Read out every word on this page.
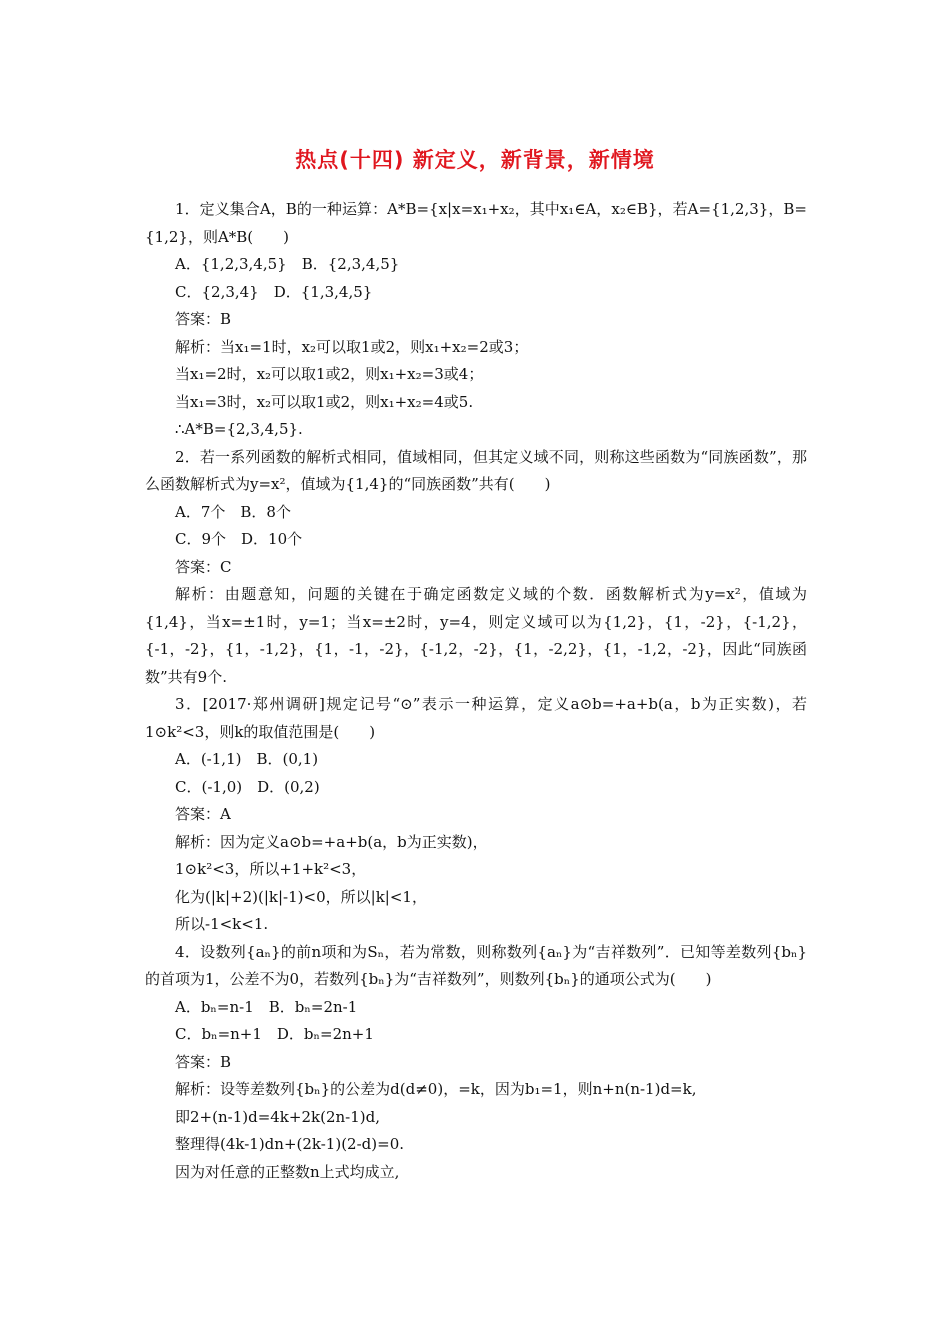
热点(十四) 新定义，新背景，新情境

1．定义集合A，B的一种运算：A*B={x|x=x₁+x₂，其中x₁∈A，x₂∈B}，若A={1,2,3}，B={1,2}，则A*B(　　)

A．{1,2,3,4,5}　B．{2,3,4,5}

C．{2,3,4}　D．{1,3,4,5}

答案：B

解析：当x₁=1时，x₂可以取1或2，则x₁+x₂=2或3；

当x₁=2时，x₂可以取1或2，则x₁+x₂=3或4；

当x₁=3时，x₂可以取1或2，则x₁+x₂=4或5.

∴A*B={2,3,4,5}.

2．若一系列函数的解析式相同，值域相同，但其定义域不同，则称这些函数为“同族函数”，那么函数解析式为y=x²，值域为{1,4}的“同族函数”共有(　　)

A．7个　B．8个

C．9个　D．10个

答案：C

解析：由题意知，问题的关键在于确定函数定义域的个数．函数解析式为y=x²，值域为{1,4}，当x=±1时，y=1；当x=±2时，y=4，则定义域可以为{1,2}，{1，-2}，{-1,2}，{-1，-2}，{1，-1,2}，{1，-1，-2}，{-1,2，-2}，{1，-2,2}，{1，-1,2，-2}，因此“同族函数”共有9个.

3．[2017·郑州调研]规定记号“⊙”表示一种运算，定义a⊙b=+a+b(a，b为正实数)，若1⊙k²<3，则k的取值范围是(　　)

A．(-1,1)　B．(0,1)

C．(-1,0)　D．(0,2)

答案：A

解析：因为定义a⊙b=+a+b(a，b为正实数)，

1⊙k²<3，所以+1+k²<3，

化为(|k|+2)(|k|-1)<0，所以|k|<1，

所以-1<k<1.

4．设数列{aₙ}的前n项和为Sₙ，若为常数，则称数列{aₙ}为“吉祥数列”．已知等差数列{bₙ}的首项为1，公差不为0，若数列{bₙ}为“吉祥数列”，则数列{bₙ}的通项公式为(　　)

A．bₙ=n-1　B．bₙ=2n-1

C．bₙ=n+1　D．bₙ=2n+1

答案：B

解析：设等差数列{bₙ}的公差为d(d≠0)，=k，因为b₁=1，则n+n(n-1)d=k,

即2+(n-1)d=4k+2k(2n-1)d,

整理得(4k-1)dn+(2k-1)(2-d)=0.

因为对任意的正整数n上式均成立,
